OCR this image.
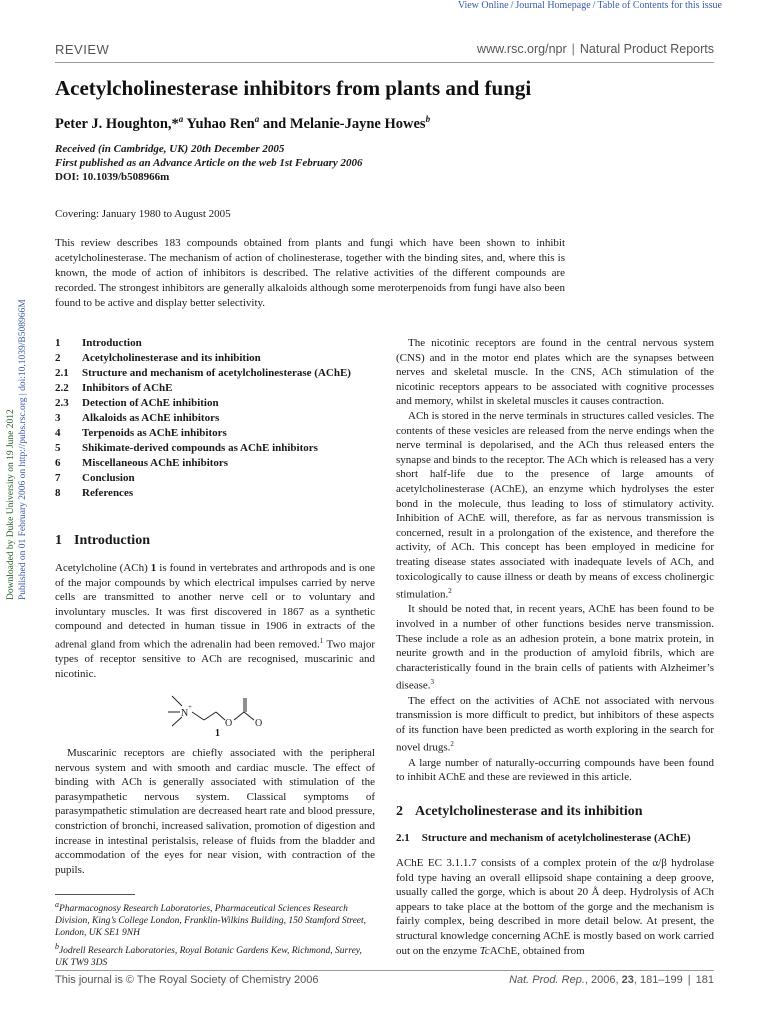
View Online / Journal Homepage / Table of Contents for this issue
REVIEW	www.rsc.org/npr | Natural Product Reports
Downloaded by Duke University on 19 June 2012 Published on 01 February 2006 on http://pubs.rsc.org | doi:10.1039/B508966M
Acetylcholinesterase inhibitors from plants and fungi
Peter J. Houghton,*$^a$ Yuhao Ren$^a$ and Melanie-Jayne Howes$^b$
Received (in Cambridge, UK) 20th December 2005
First published as an Advance Article on the web 1st February 2006
DOI: 10.1039/b508966m
Covering: January 1980 to August 2005
This review describes 183 compounds obtained from plants and fungi which have been shown to inhibit acetylcholinesterase. The mechanism of action of cholinesterase, together with the binding sites, and, where this is known, the mode of action of inhibitors is described. The relative activities of the different compounds are recorded. The strongest inhibitors are generally alkaloids although some meroterpenoids from fungi have also been found to be active and display better selectivity.
1	Introduction
2	Acetylcholinesterase and its inhibition
2.1	Structure and mechanism of acetylcholinesterase (AChE)
2.2	Inhibitors of AChE
2.3	Detection of AChE inhibition
3	Alkaloids as AChE inhibitors
4	Terpenoids as AChE inhibitors
5	Shikimate-derived compounds as AChE inhibitors
6	Miscellaneous AChE inhibitors
7	Conclusion
8	References
1 Introduction

Acetylcholine (ACh) 1 is found in vertebrates and arthropods and is one of the major compounds by which electrical impulses carried by nerve cells are transmitted to another nerve cell or to voluntary and involuntary muscles. It was first discovered in 1867 as a synthetic compound and detected in human tissue in 1906 in extracts of the adrenal gland from which the adrenalin had been removed.$^1$ Two major types of receptor sensitive to ACh are recognised, muscarinic and nicotinic.

N
+
O O
1

Muscarinic receptors are chiefly associated with the peripheral nervous system and with smooth and cardiac muscle. The effect of binding with ACh is generally associated with stimulation of the parasympathetic nervous system. Classical symptoms of parasympathetic stimulation are decreased heart rate and blood pressure, constriction of bronchi, increased salivation, promotion of digestion and increase in intestinal peristalsis, release of fluids from the bladder and accommodation of the eyes for near vision, with contraction of the pupils.

$^a$Pharmacognosy Research Laboratories, Pharmaceutical Sciences Research Division, King’s College London, Franklin-Wilkins Building, 150 Stamford Street, London, UK SE1 9NH

$^b$Jodrell Research Laboratories, Royal Botanic Gardens Kew, Richmond, Surrey, UK TW9 3DS

The nicotinic receptors are found in the central nervous system (CNS) and in the motor end plates which are the synapses between nerves and skeletal muscle. In the CNS, ACh stimulation of the nicotinic receptors appears to be associated with cognitive processes and memory, whilst in skeletal muscles it causes contraction.

ACh is stored in the nerve terminals in structures called vesicles. The contents of these vesicles are released from the nerve endings when the nerve terminal is depolarised, and the ACh thus released enters the synapse and binds to the receptor. The ACh which is released has a very short half-life due to the presence of large amounts of acetylcholinesterase (AChE), an enzyme which hydrolyses the ester bond in the molecule, thus leading to loss of stimulatory activity. Inhibition of AChE will, therefore, as far as nervous transmission is concerned, result in a prolongation of the existence, and therefore the activity, of ACh. This concept has been employed in medicine for treating disease states associated with inadequate levels of ACh, and toxicologically to cause illness or death by means of excess cholinergic stimulation.$^2$

It should be noted that, in recent years, AChE has been found to be involved in a number of other functions besides nerve transmission. These include a role as an adhesion protein, a bone matrix protein, in neurite growth and in the production of amyloid fibrils, which are characteristically found in the brain cells of patients with Alzheimer’s disease.$^3$

The effect on the activities of AChE not associated with nervous transmission is more difficult to predict, but inhibitors of these aspects of its function have been predicted as worth exploring in the search for novel drugs.$^2$

A large number of naturally-occurring compounds have been found to inhibit AChE and these are reviewed in this article.

2 Acetylcholinesterase and its inhibition
2.1 Structure and mechanism of acetylcholinesterase (AChE)

AChE EC 3.1.1.7 consists of a complex protein of the α/β hydrolase fold type having an overall ellipsoid shape containing a deep groove, usually called the gorge, which is about 20 Å deep. Hydrolysis of ACh appears to take place at the bottom of the gorge and the mechanism is fairly complex, being described in more detail below. At present, the structural knowledge concerning AChE is mostly based on work carried out on the enzyme TcAChE, obtained from

This journal is © The Royal Society of Chemistry 2006	Nat. Prod. Rep., 2006, 23, 181–199 | 181
